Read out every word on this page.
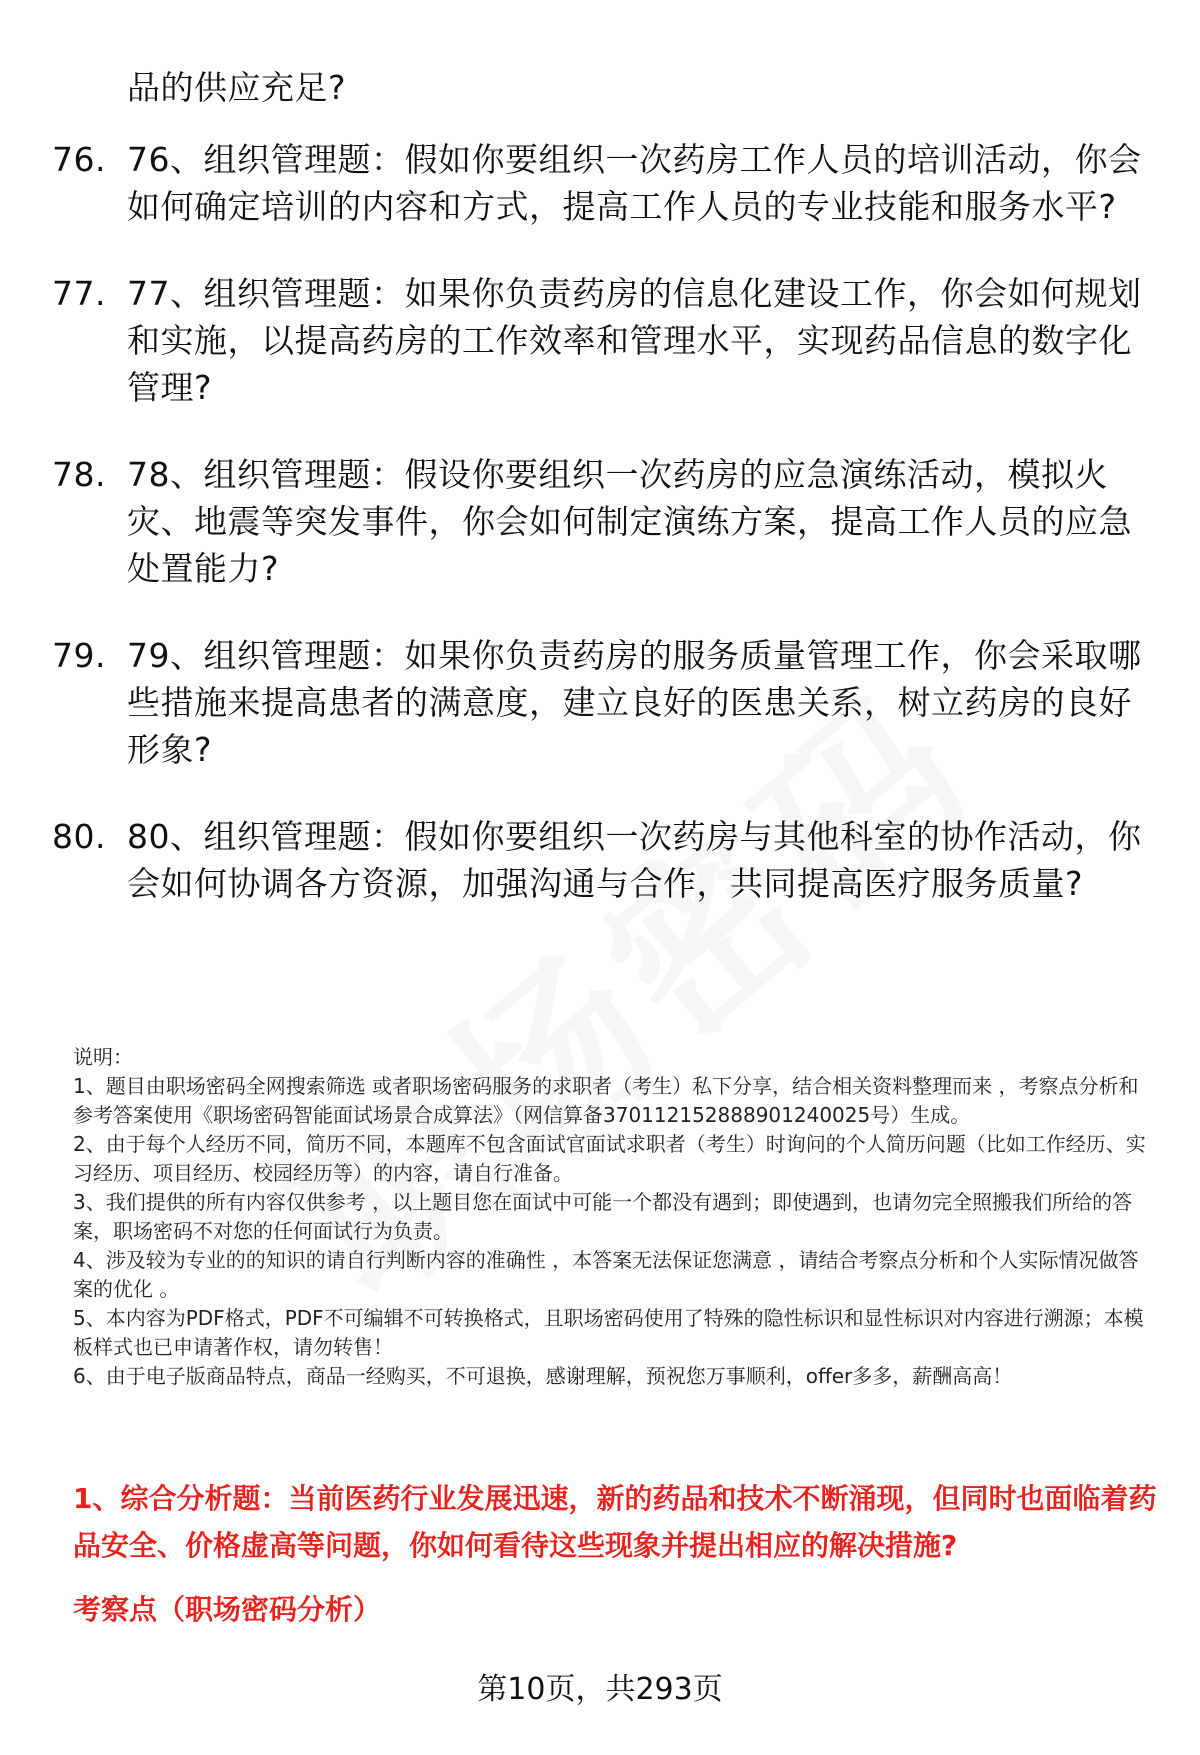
品的供应充足?

76. 76、组织管理题：假如你要组织一次药房工作人员的培训活动，你会如何确定培训的内容和方式，提高工作人员的专业技能和服务水平?
77. 77、组织管理题：如果你负责药房的信息化建设工作，你会如何规划和实施，以提高药房的工作效率和管理水平，实现药品信息的数字化管理?
78. 78、组织管理题：假设你要组织一次药房的应急演练活动，模拟火灾、地震等突发事件，你会如何制定演练方案，提高工作人员的应急处置能力?
79. 79、组织管理题：如果你负责药房的服务质量管理工作，你会采取哪些措施来提高患者的满意度，建立良好的医患关系，树立药房的良好形象?
80. 80、组织管理题：假如你要组织一次药房与其他科室的协作活动，你会如何协调各方资源，加强沟通与合作，共同提高医疗服务质量?

说明：

1、题目由职场密码全网搜索筛选 或者职场密码服务的求职者（考生）私下分享，结合相关资料整理而来 ，考察点分析和参考答案使用《职场密码智能面试场景合成算法》（网信算备370112152888901240025号）生成。

2、由于每个人经历不同，简历不同，本题库不包含面试官面试求职者（考生）时询问的个人简历问题（比如工作经历、实习经历、项目经历、校园经历等）的内容，请自行准备。

3、我们提供的所有内容仅供参考 ，以上题目您在面试中可能一个都没有遇到；即使遇到，也请勿完全照搬我们所给的答案，职场密码不对您的任何面试行为负责。

4、涉及较为专业的的知识的请自行判断内容的准确性 ，本答案无法保证您满意 ，请结合考察点分析和个人实际情况做答案的优化 。

5、本内容为PDF格式，PDF不可编辑不可转换格式，且职场密码使用了特殊的隐性标识和显性标识对内容进行溯源；本模板样式也已申请著作权，请勿转售！

6、由于电子版商品特点，商品一经购买，不可退换，感谢理解，预祝您万事顺利，offer多多，薪酬高高！

1、综合分析题：当前医药行业发展迅速，新的药品和技术不断涌现，但同时也面临着药品安全、价格虚高等问题，你如何看待这些现象并提出相应的解决措施?

考察点（职场密码分析）

第10页，共293页
